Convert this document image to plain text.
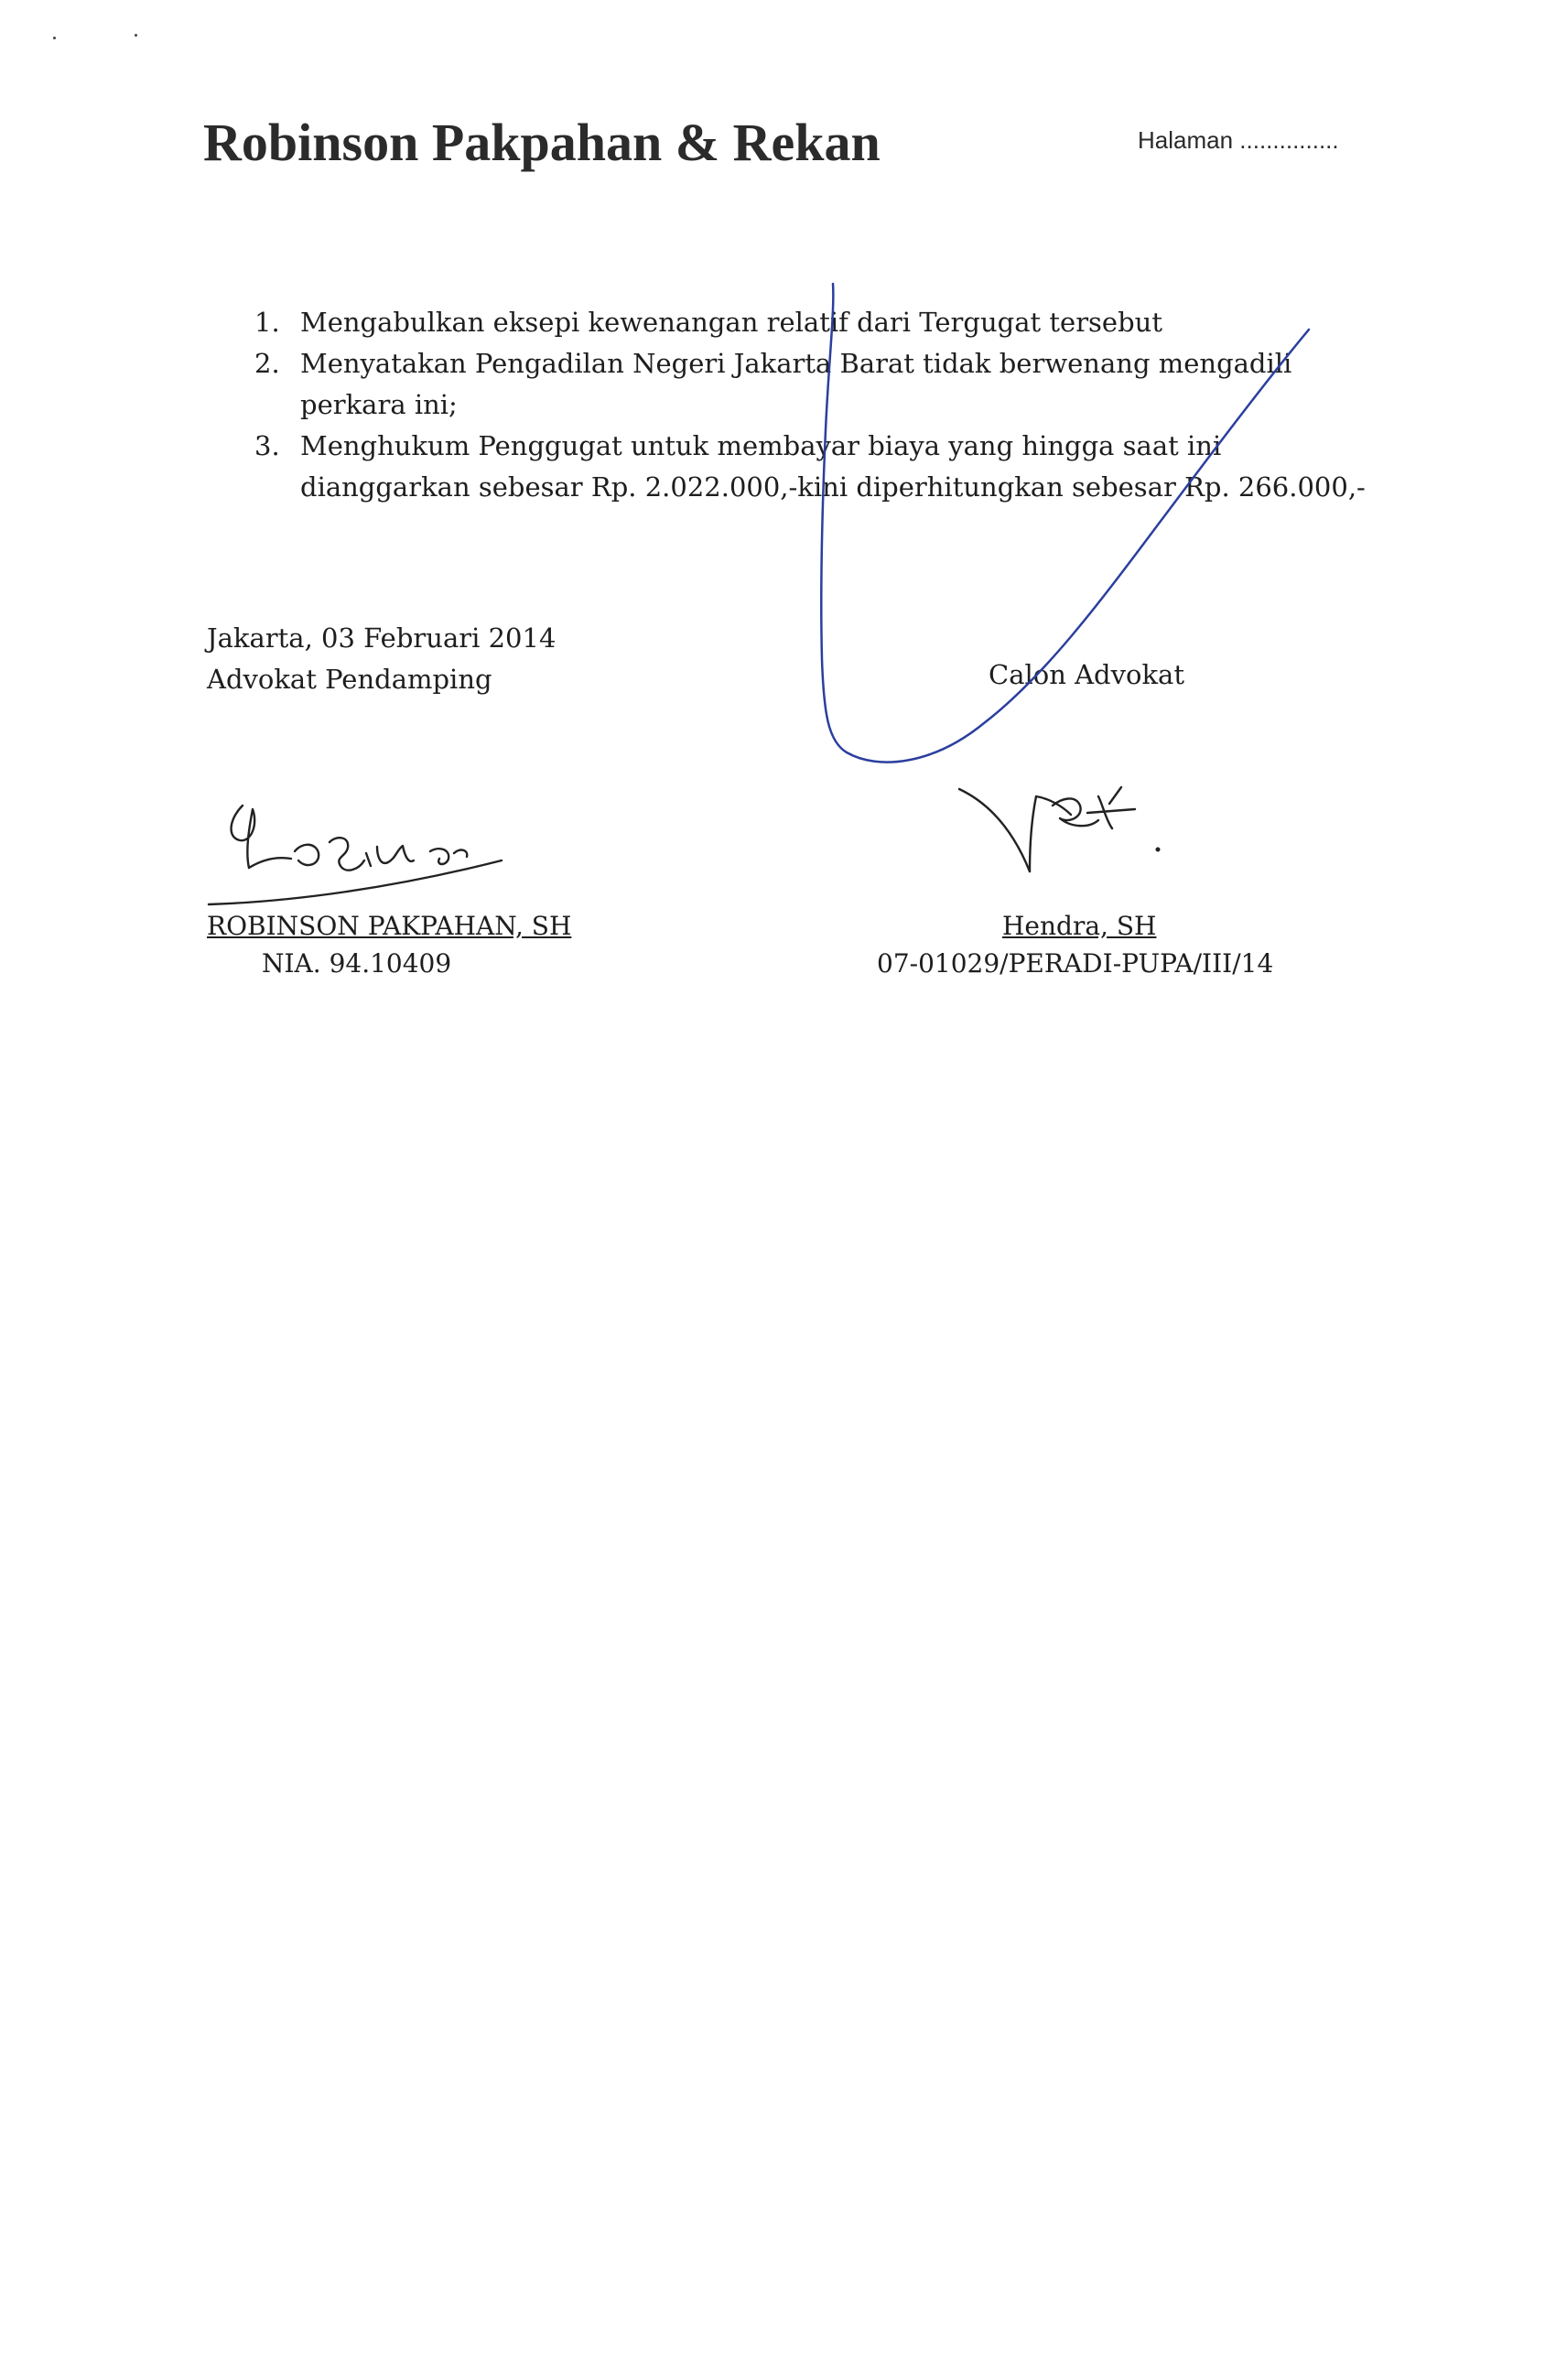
Robinson Pakpahan & Rekan	Halaman ...............
1. Mengabulkan eksepi kewenangan relatif dari Tergugat tersebut
2. Menyatakan Pengadilan Negeri Jakarta Barat tidak berwenang mengadili perkara ini;
3. Menghukum Penggugat untuk membayar biaya yang hingga saat ini dianggarkan sebesar Rp. 2.022.000,-kini diperhitungkan sebesar Rp. 266.000,-
Jakarta, 03 Februari 2014
Advokat Pendamping	Calon Advokat
ROBINSON PAKPAHAN, SH
NIA. 94.10409
Hendra, SH
07-01029/PERADI-PUPA/III/14
